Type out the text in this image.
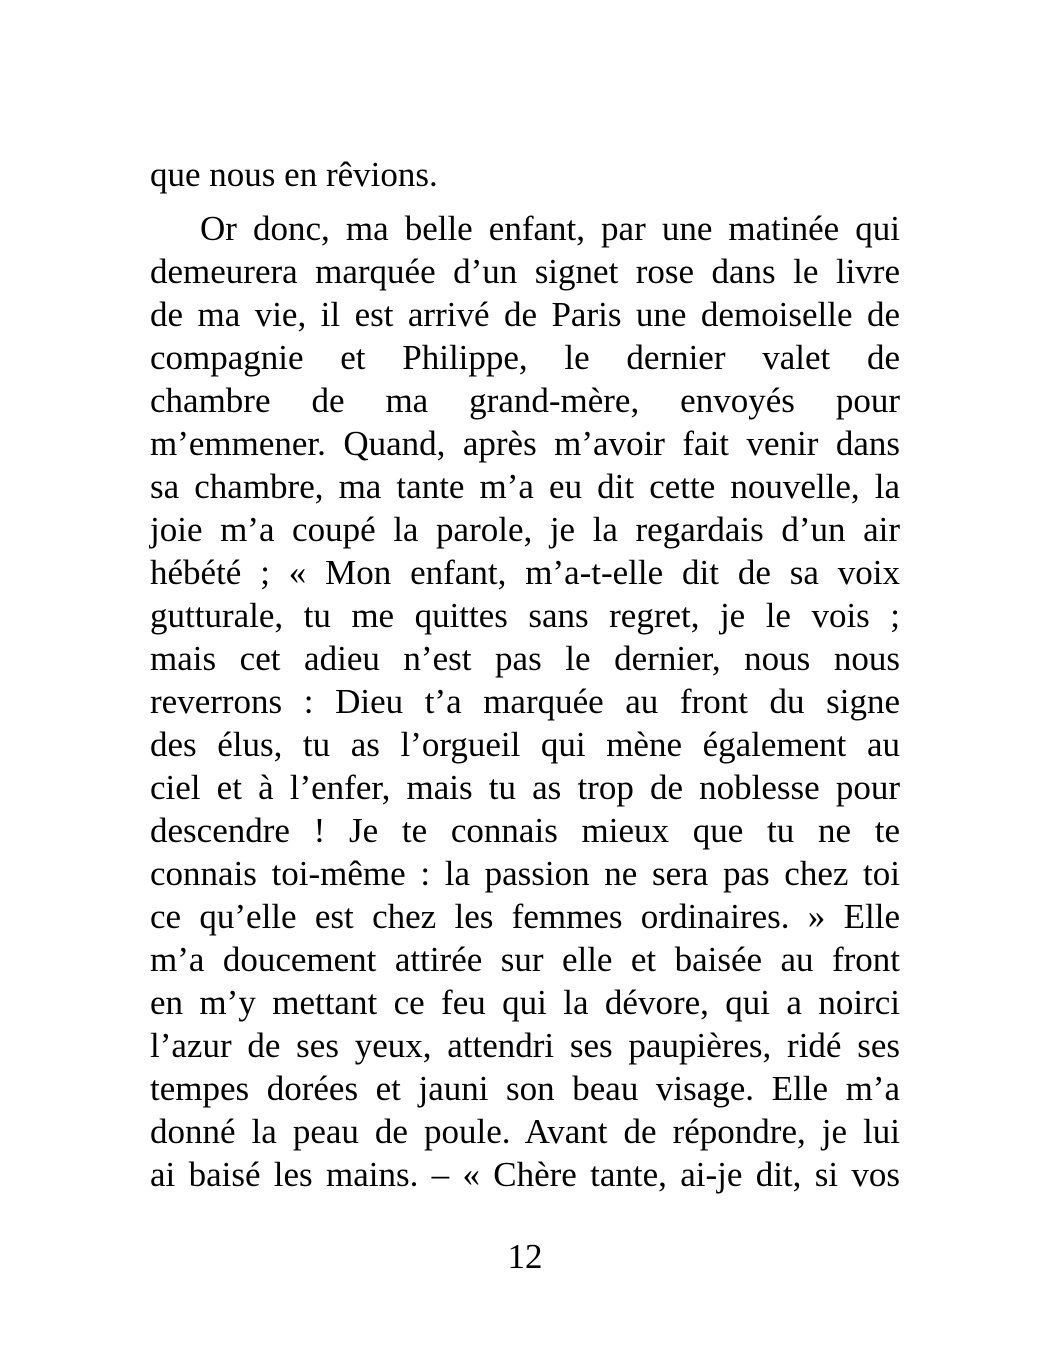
que nous en rêvions.

Or donc, ma belle enfant, par une matinée qui
demeurera marquée d’un signet rose dans le livre
de ma vie, il est arrivé de Paris une demoiselle de
compagnie et Philippe, le dernier valet de
chambre de ma grand-mère, envoyés pour
m’emmener. Quand, après m’avoir fait venir dans
sa chambre, ma tante m’a eu dit cette nouvelle, la
joie m’a coupé la parole, je la regardais d’un air
hébété ; « Mon enfant, m’a-t-elle dit de sa voix
gutturale, tu me quittes sans regret, je le vois ;
mais cet adieu n’est pas le dernier, nous nous
reverrons : Dieu t’a marquée au front du signe
des élus, tu as l’orgueil qui mène également au
ciel et à l’enfer, mais tu as trop de noblesse pour
descendre ! Je te connais mieux que tu ne te
connais toi-même : la passion ne sera pas chez toi
ce qu’elle est chez les femmes ordinaires. » Elle
m’a doucement attirée sur elle et baisée au front
en m’y mettant ce feu qui la dévore, qui a noirci
l’azur de ses yeux, attendri ses paupières, ridé ses
tempes dorées et jauni son beau visage. Elle m’a
donné la peau de poule. Avant de répondre, je lui
ai baisé les mains. – « Chère tante, ai-je dit, si vos

12
